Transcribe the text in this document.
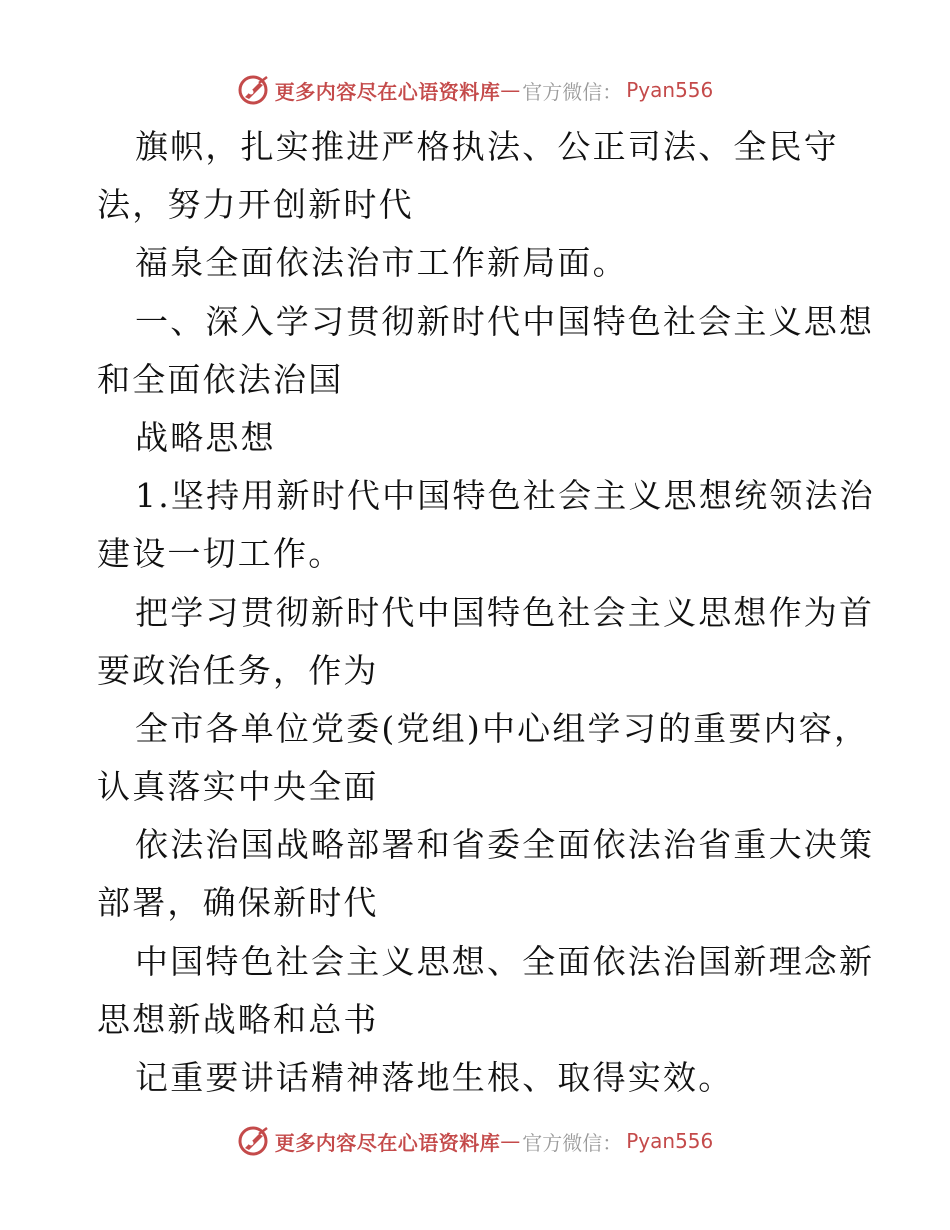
更多内容尽在心语资料库 — 官方微信： Pyan556
旗帜，扎实推进严格执法、公正司法、全民守
法，努力开创新时代
福泉全面依法治市工作新局面。
一、深入学习贯彻新时代中国特色社会主义思想
和全面依法治国
战略思想
1.坚持用新时代中国特色社会主义思想统领法治
建设一切工作。
把学习贯彻新时代中国特色社会主义思想作为首
要政治任务，作为
全市各单位党委(党组)中心组学习的重要内容，
认真落实中央全面
依法治国战略部署和省委全面依法治省重大决策
部署，确保新时代
中国特色社会主义思想、全面依法治国新理念新
思想新战略和总书
记重要讲话精神落地生根、取得实效。
更多内容尽在心语资料库 — 官方微信： Pyan556
